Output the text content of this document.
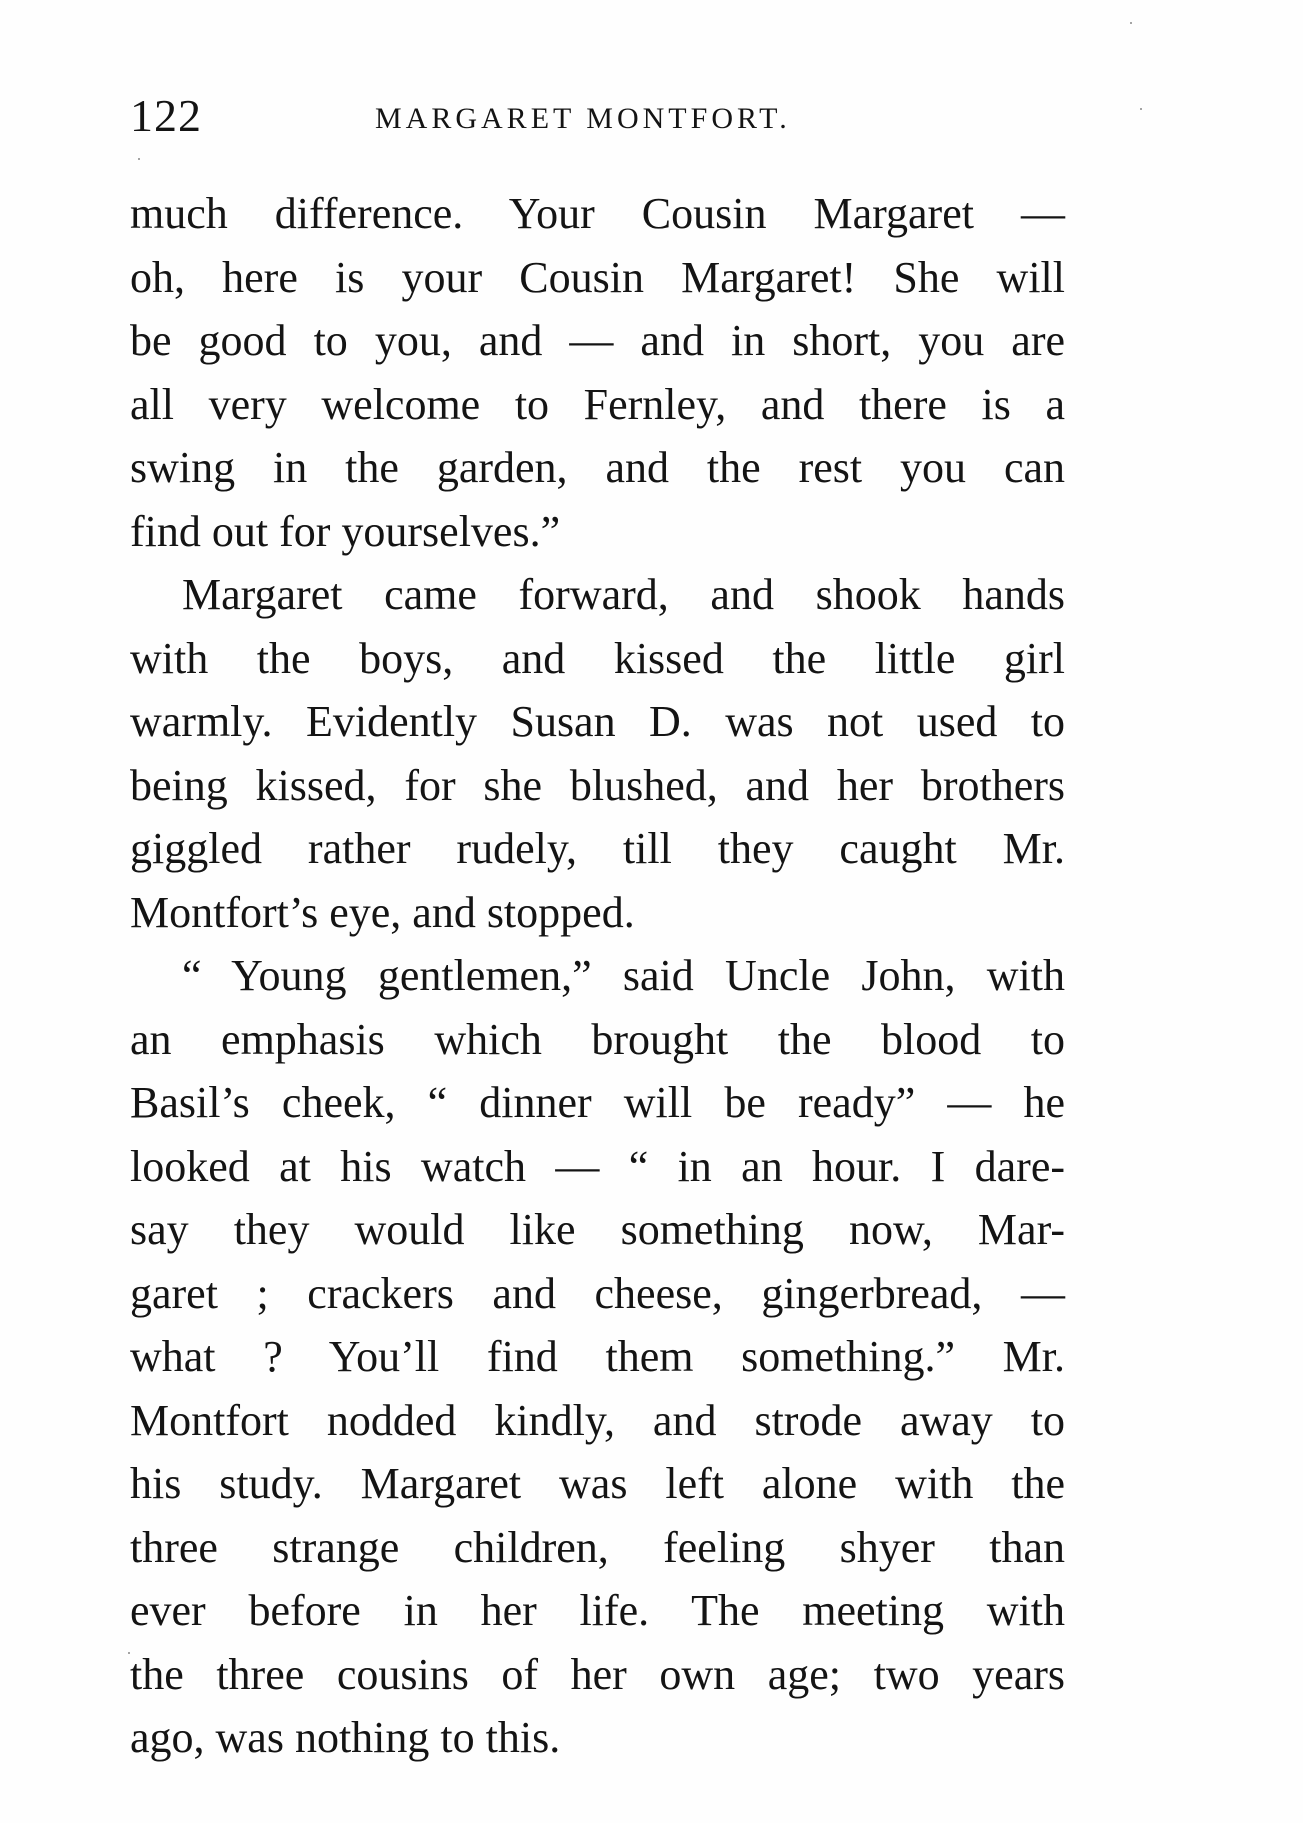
122	MARGARET MONTFORT.
much difference. Your Cousin Margaret —
oh, here is your Cousin Margaret! She will
be good to you, and — and in short, you are
all very welcome to Fernley, and there is a
swing in the garden, and the rest you can
find out for yourselves.”
Margaret came forward, and shook hands
with the boys, and kissed the little girl
warmly. Evidently Susan D. was not used to
being kissed, for she blushed, and her brothers
giggled rather rudely, till they caught Mr.
Montfort’s eye, and stopped.
“ Young gentlemen,” said Uncle John, with
an emphasis which brought the blood to
Basil’s cheek, “ dinner will be ready” — he
looked at his watch — “ in an hour. I dare-
say they would like something now, Mar-
garet ; crackers and cheese, gingerbread, —
what ? You’ll find them something.” Mr.
Montfort nodded kindly, and strode away to
his study. Margaret was left alone with the
three strange children, feeling shyer than
ever before in her life. The meeting with
the three cousins of her own age; two years
ago, was nothing to this.
